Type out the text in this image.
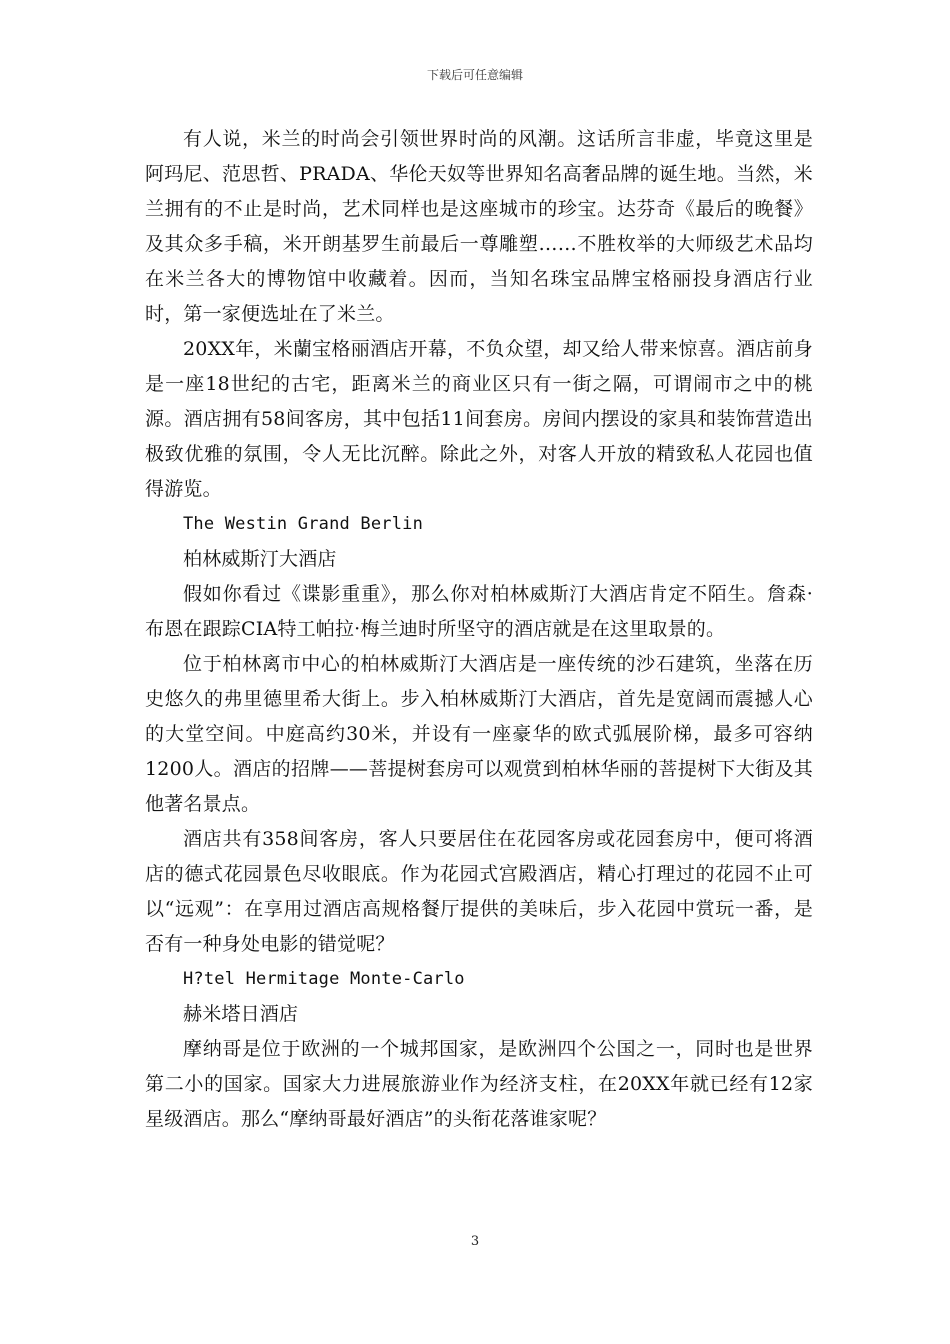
下载后可任意编辑

有人说，米兰的时尚会引领世界时尚的风潮。这话所言非虚，毕竟这里是阿玛尼、范思哲、PRADA、华伦天奴等世界知名高奢品牌的诞生地。当然，米兰拥有的不止是时尚，艺术同样也是这座城市的珍宝。达芬奇《最后的晚餐》及其众多手稿，米开朗基罗生前最后一尊雕塑……不胜枚举的大师级艺术品均在米兰各大的博物馆中收藏着。因而，当知名珠宝品牌宝格丽投身酒店行业时，第一家便选址在了米兰。

20XX年，米蘭宝格丽酒店开幕，不负众望，却又给人带来惊喜。酒店前身是一座18世纪的古宅，距离米兰的商业区只有一街之隔，可谓闹市之中的桃源。酒店拥有58间客房，其中包括11间套房。房间内摆设的家具和装饰营造出极致优雅的氛围，令人无比沉醉。除此之外，对客人开放的精致私人花园也值得游览。

The Westin Grand Berlin

柏林威斯汀大酒店

假如你看过《谍影重重》，那么你对柏林威斯汀大酒店肯定不陌生。詹森·布恩在跟踪CIA特工帕拉·梅兰迪时所坚守的酒店就是在这里取景的。

位于柏林离市中心的柏林威斯汀大酒店是一座传统的沙石建筑，坐落在历史悠久的弗里德里希大街上。步入柏林威斯汀大酒店，首先是宽阔而震撼人心的大堂空间。中庭高约30米，并设有一座豪华的欧式弧展阶梯，最多可容纳1200人。酒店的招牌——菩提树套房可以观赏到柏林华丽的菩提树下大街及其他著名景点。

酒店共有358间客房，客人只要居住在花园客房或花园套房中，便可将酒店的德式花园景色尽收眼底。作为花园式宫殿酒店，精心打理过的花园不止可以“远观”：在享用过酒店高规格餐厅提供的美味后，步入花园中赏玩一番，是否有一种身处电影的错觉呢？

H?tel Hermitage Monte-Carlo

赫米塔日酒店

摩纳哥是位于欧洲的一个城邦国家，是欧洲四个公国之一，同时也是世界第二小的国家。国家大力进展旅游业作为经济支柱，在20XX年就已经有12家星级酒店。那么“摩纳哥最好酒店”的头衔花落谁家呢？

3
